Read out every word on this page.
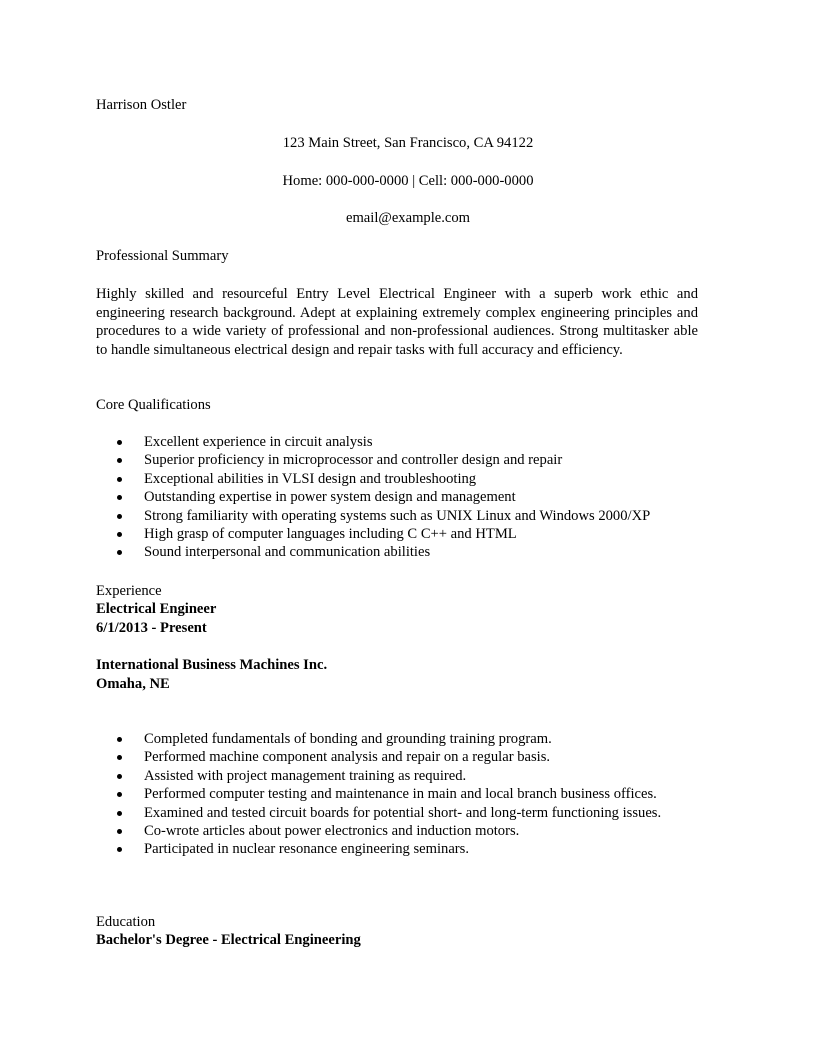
Harrison Ostler
123 Main Street, San Francisco, CA 94122
Home: 000-000-0000 | Cell: 000-000-0000
email@example.com
Professional Summary
Highly skilled and resourceful Entry Level Electrical Engineer with a superb work ethic and engineering research background. Adept at explaining extremely complex engineering principles and procedures to a wide variety of professional and non-professional audiences. Strong multitasker able to handle simultaneous electrical design and repair tasks with full accuracy and efficiency.
Core Qualifications
Excellent experience in circuit analysis
Superior proficiency in microprocessor and controller design and repair
Exceptional abilities in VLSI design and troubleshooting
Outstanding expertise in power system design and management
Strong familiarity with operating systems such as UNIX Linux and Windows 2000/XP
High grasp of computer languages including C C++ and HTML
Sound interpersonal and communication abilities
Experience
Electrical Engineer
6/1/2013 - Present
International Business Machines Inc.
Omaha, NE
Completed fundamentals of bonding and grounding training program.
Performed machine component analysis and repair on a regular basis.
Assisted with project management training as required.
Performed computer testing and maintenance in main and local branch business offices.
Examined and tested circuit boards for potential short- and long-term functioning issues.
Co-wrote articles about power electronics and induction motors.
Participated in nuclear resonance engineering seminars.
Education
Bachelor's Degree - Electrical Engineering
